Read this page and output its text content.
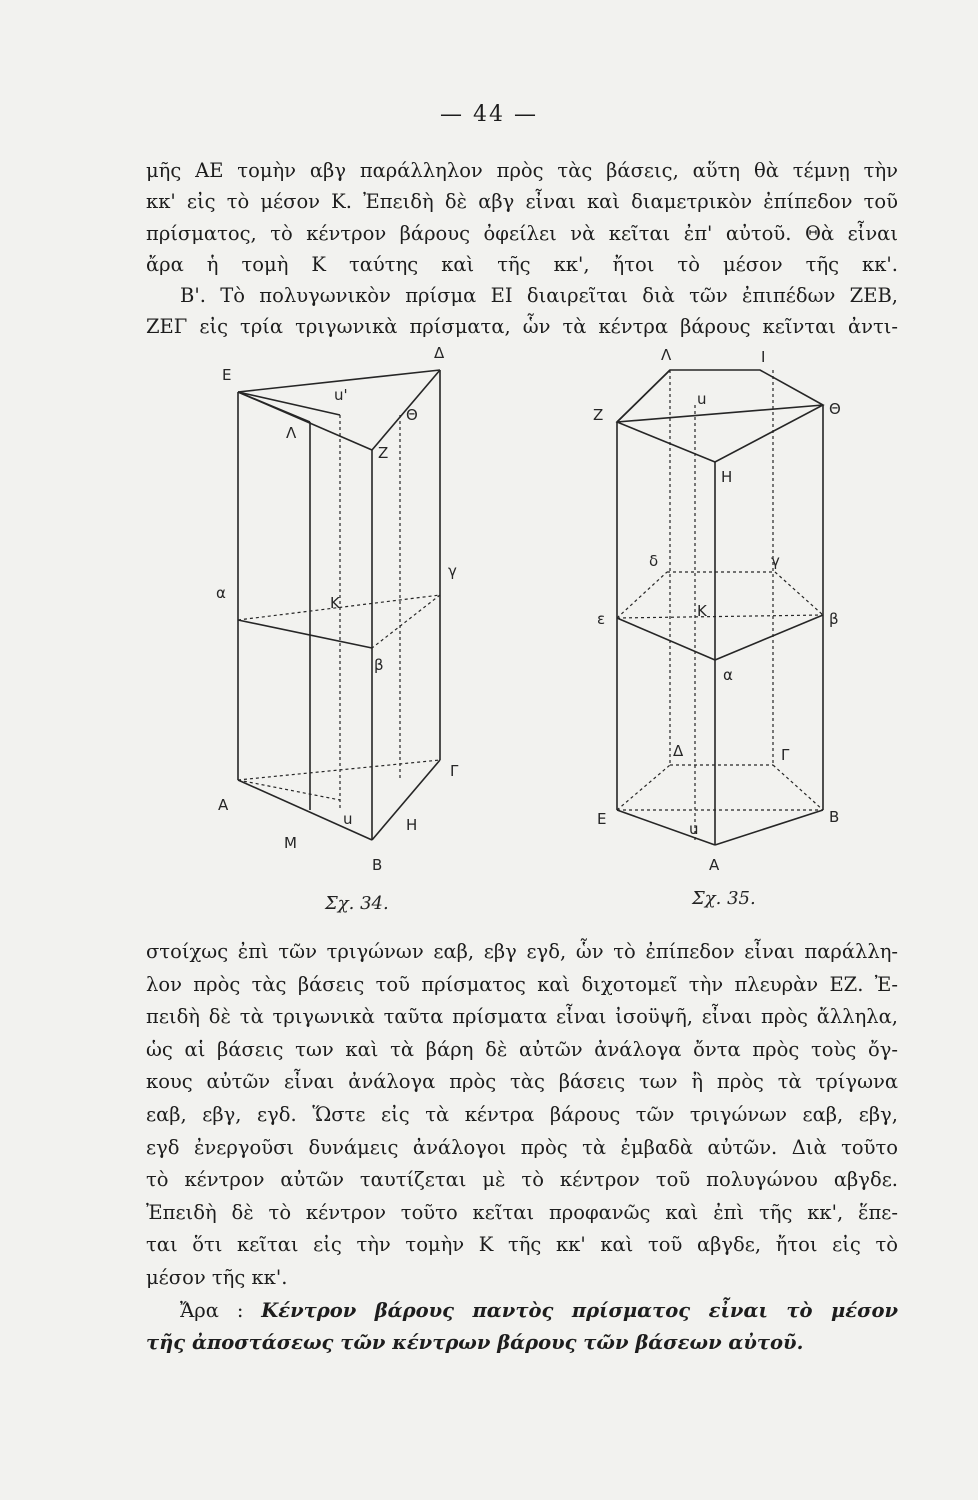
— 44 —
μῆς ΑΕ τομὴν αβγ παράλληλον πρὸς τὰς βάσεις, αὕτη θὰ τέμνῃ τὴν
κκ' εἰς τὸ μέσον Κ. Ἐπειδὴ δὲ αβγ εἶναι καὶ διαμετρικὸν ἐπίπεδον τοῦ
πρίσματος, τὸ κέντρον βάρους ὀφείλει νὰ κεῖται ἐπ' αὐτοῦ. Θὰ εἶναι
ἄρα ἡ τομὴ Κ ταύτης καὶ τῆς κκ', ἤτοι τὸ μέσον τῆς κκ'.
Β'. Τὸ πολυγωνικὸν πρίσμα ΕΙ διαιρεῖται διὰ τῶν ἐπιπέδων ΖΕΒ,
ΖΕΓ εἰς τρία τριγωνικὰ πρίσματα, ὧν τὰ κέντρα βάρους κεῖνται ἀντι-
E
Δ
Λ
Θ
Ζ
u'
α
γ
K
β
A
Γ
Μ
u	Η
Β
Σχ. 34.
Λ	Ι
Ζ	Θ
u
Η
δ	γ
ε	K	β
α
Δ	Γ
Ε
u
Β
Α
Σχ. 35.
στοίχως ἐπὶ τῶν τριγώνων εαβ, εβγ εγδ, ὧν τὸ ἐπίπεδον εἶναι παράλλη-
λον πρὸς τὰς βάσεις τοῦ πρίσματος καὶ διχοτομεῖ τὴν πλευρὰν ΕΖ. Ἐ-
πειδὴ δὲ τὰ τριγωνικὰ ταῦτα πρίσματα εἶναι ἰσοϋψῆ, εἶναι πρὸς ἄλληλα,
ὡς αἱ βάσεις των καὶ τὰ βάρη δὲ αὐτῶν ἀνάλογα ὄντα πρὸς τοὺς ὄγ-
κους αὐτῶν εἶναι ἀνάλογα πρὸς τὰς βάσεις των ἢ πρὸς τὰ τρίγωνα
εαβ, εβγ, εγδ. Ὥστε εἰς τὰ κέντρα βάρους τῶν τριγώνων εαβ, εβγ,
εγδ ἐνεργοῦσι δυνάμεις ἀνάλογοι πρὸς τὰ ἐμβαδὰ αὐτῶν. Διὰ τοῦτο
τὸ κέντρον αὐτῶν ταυτίζεται μὲ τὸ κέντρον τοῦ πολυγώνου αβγδε.
Ἐπειδὴ δὲ τὸ κέντρον τοῦτο κεῖται προφανῶς καὶ ἐπὶ τῆς κκ', ἕπε-
ται ὅτι κεῖται εἰς τὴν τομὴν Κ τῆς κκ' καὶ τοῦ αβγδε, ἤτοι εἰς τὸ
μέσον τῆς κκ'.
Ἄρα : Κέντρον βάρους παντὸς πρίσματος εἶναι τὸ μέσον
τῆς ἀποστάσεως τῶν κέντρων βάρους τῶν βάσεων αὐτοῦ.
